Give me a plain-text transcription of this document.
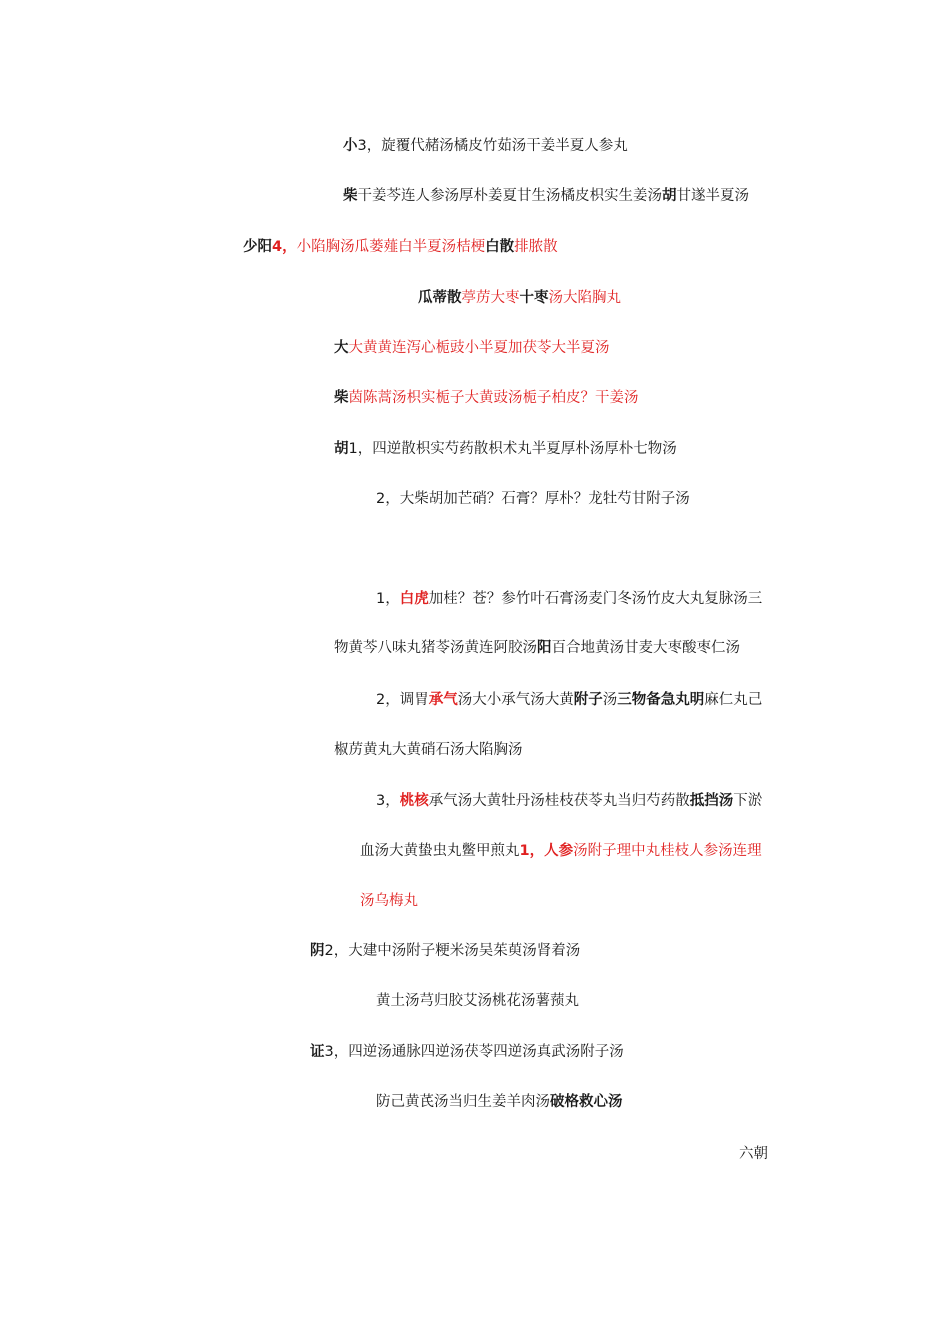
小3，旋覆代赭汤橘皮竹茹汤干姜半夏人参丸
柴干姜芩连人参汤厚朴姜夏甘生汤橘皮枳实生姜汤胡甘遂半夏汤
少阳4，小陷胸汤瓜蒌薤白半夏汤桔梗白散排脓散
瓜蒂散葶苈大枣十枣汤大陷胸丸
大大黄黄连泻心栀豉小半夏加茯苓大半夏汤
柴茵陈蒿汤枳实栀子大黄豉汤栀子柏皮？干姜汤
胡1，四逆散枳实芍药散枳术丸半夏厚朴汤厚朴七物汤
2，大柴胡加芒硝？石膏？厚朴？龙牡芍甘附子汤
1，白虎加桂？苍？参竹叶石膏汤麦门冬汤竹皮大丸复脉汤三
物黄芩八味丸猪苓汤黄连阿胶汤阳百合地黄汤甘麦大枣酸枣仁汤
2，调胃承气汤大小承气汤大黄附子汤三物备急丸明麻仁丸己
椒苈黄丸大黄硝石汤大陷胸汤
3，桃核承气汤大黄牡丹汤桂枝茯苓丸当归芍药散抵挡汤下淤
血汤大黄蛰虫丸鳖甲煎丸1，人参汤附子理中丸桂枝人参汤连理
汤乌梅丸
阴2，大建中汤附子粳米汤吴茱萸汤肾着汤
黄土汤芎归胶艾汤桃花汤薯蓣丸
证3，四逆汤通脉四逆汤茯苓四逆汤真武汤附子汤
防己黄芪汤当归生姜羊肉汤破格救心汤
六朝
